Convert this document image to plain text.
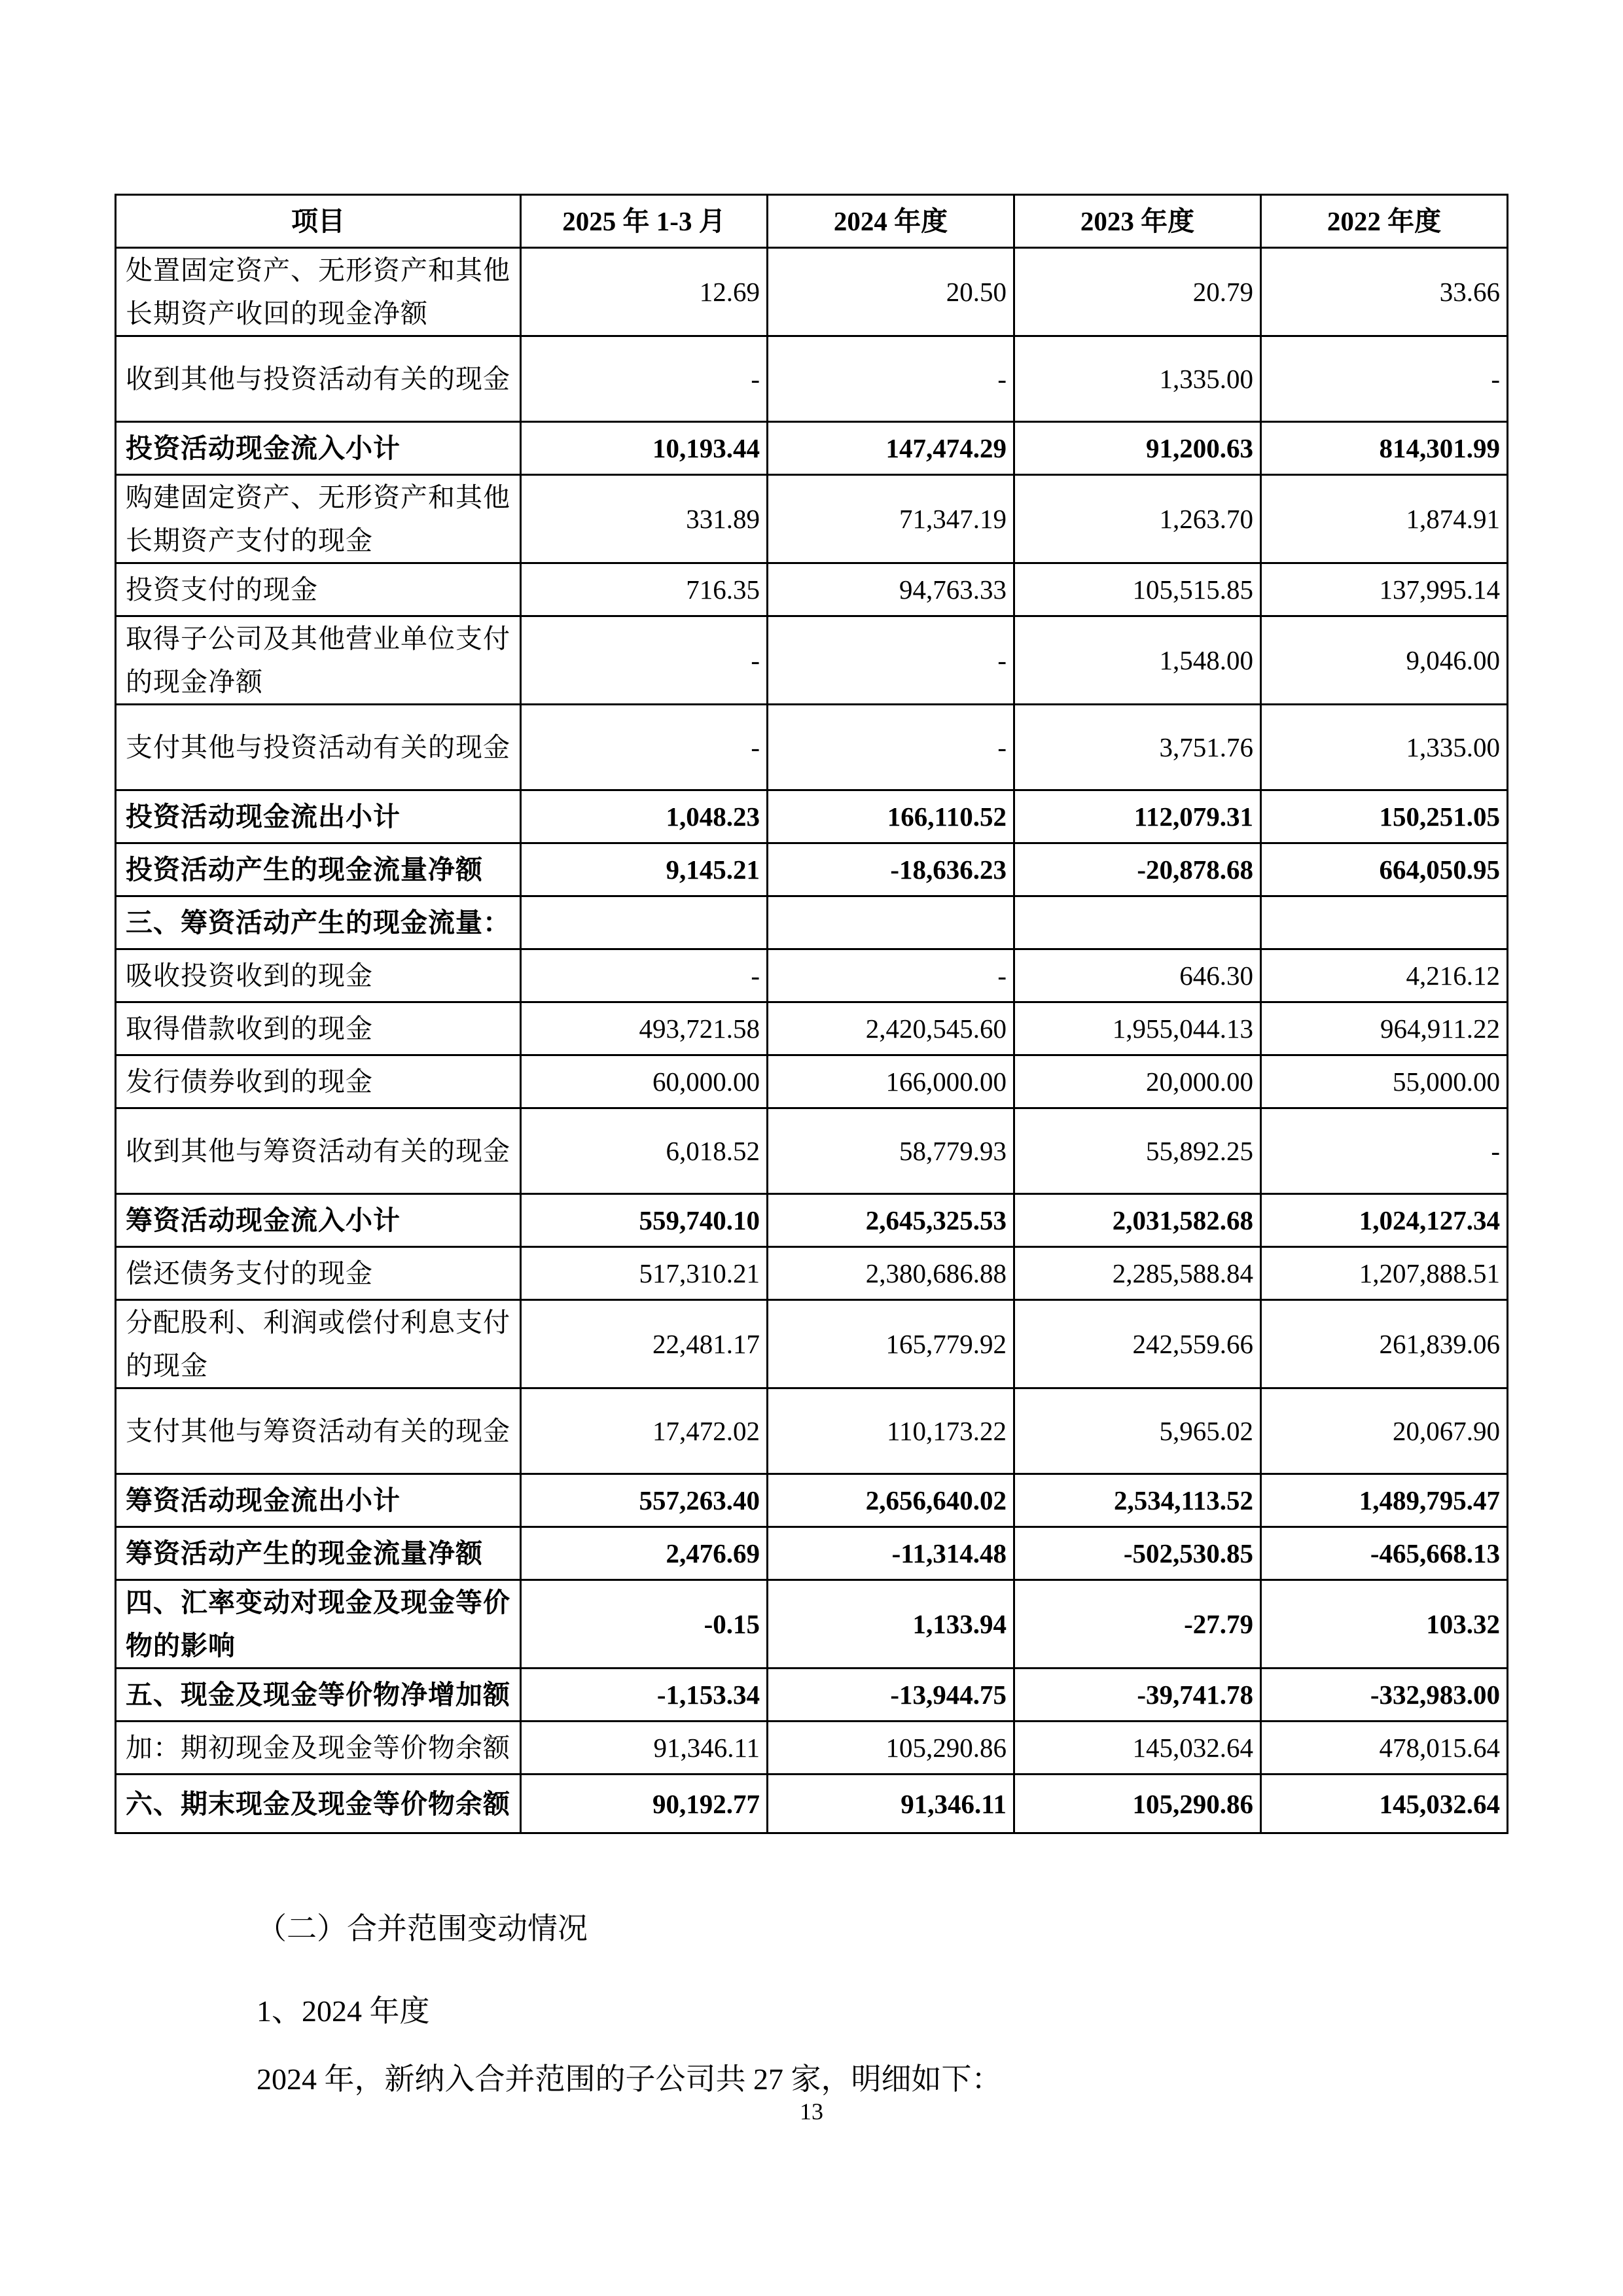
项目	2025 年 1-3 月	2024 年度	2023 年度	2022 年度
处置固定资产、无形资产和其他长期资产收回的现金净额	12.69	20.50	20.79	33.66
收到其他与投资活动有关的现金	-	-	1,335.00	-
投资活动现金流入小计	10,193.44	147,474.29	91,200.63	814,301.99
购建固定资产、无形资产和其他长期资产支付的现金	331.89	71,347.19	1,263.70	1,874.91
投资支付的现金	716.35	94,763.33	105,515.85	137,995.14
取得子公司及其他营业单位支付的现金净额	-	-	1,548.00	9,046.00
支付其他与投资活动有关的现金	-	-	3,751.76	1,335.00
投资活动现金流出小计	1,048.23	166,110.52	112,079.31	150,251.05
投资活动产生的现金流量净额	9,145.21	-18,636.23	-20,878.68	664,050.95
三、筹资活动产生的现金流量：				
吸收投资收到的现金	-	-	646.30	4,216.12
取得借款收到的现金	493,721.58	2,420,545.60	1,955,044.13	964,911.22
发行债券收到的现金	60,000.00	166,000.00	20,000.00	55,000.00
收到其他与筹资活动有关的现金	6,018.52	58,779.93	55,892.25	-
筹资活动现金流入小计	559,740.10	2,645,325.53	2,031,582.68	1,024,127.34
偿还债务支付的现金	517,310.21	2,380,686.88	2,285,588.84	1,207,888.51
分配股利、利润或偿付利息支付的现金	22,481.17	165,779.92	242,559.66	261,839.06
支付其他与筹资活动有关的现金	17,472.02	110,173.22	5,965.02	20,067.90
筹资活动现金流出小计	557,263.40	2,656,640.02	2,534,113.52	1,489,795.47
筹资活动产生的现金流量净额	2,476.69	-11,314.48	-502,530.85	-465,668.13
四、汇率变动对现金及现金等价物的影响	-0.15	1,133.94	-27.79	103.32
五、现金及现金等价物净增加额	-1,153.34	-13,944.75	-39,741.78	-332,983.00
加：期初现金及现金等价物余额	91,346.11	105,290.86	145,032.64	478,015.64
六、期末现金及现金等价物余额	90,192.77	91,346.11	105,290.86	145,032.64
（二）合并范围变动情况
1、2024 年度
2024 年，新纳入合并范围的子公司共 27 家，明细如下：
13
